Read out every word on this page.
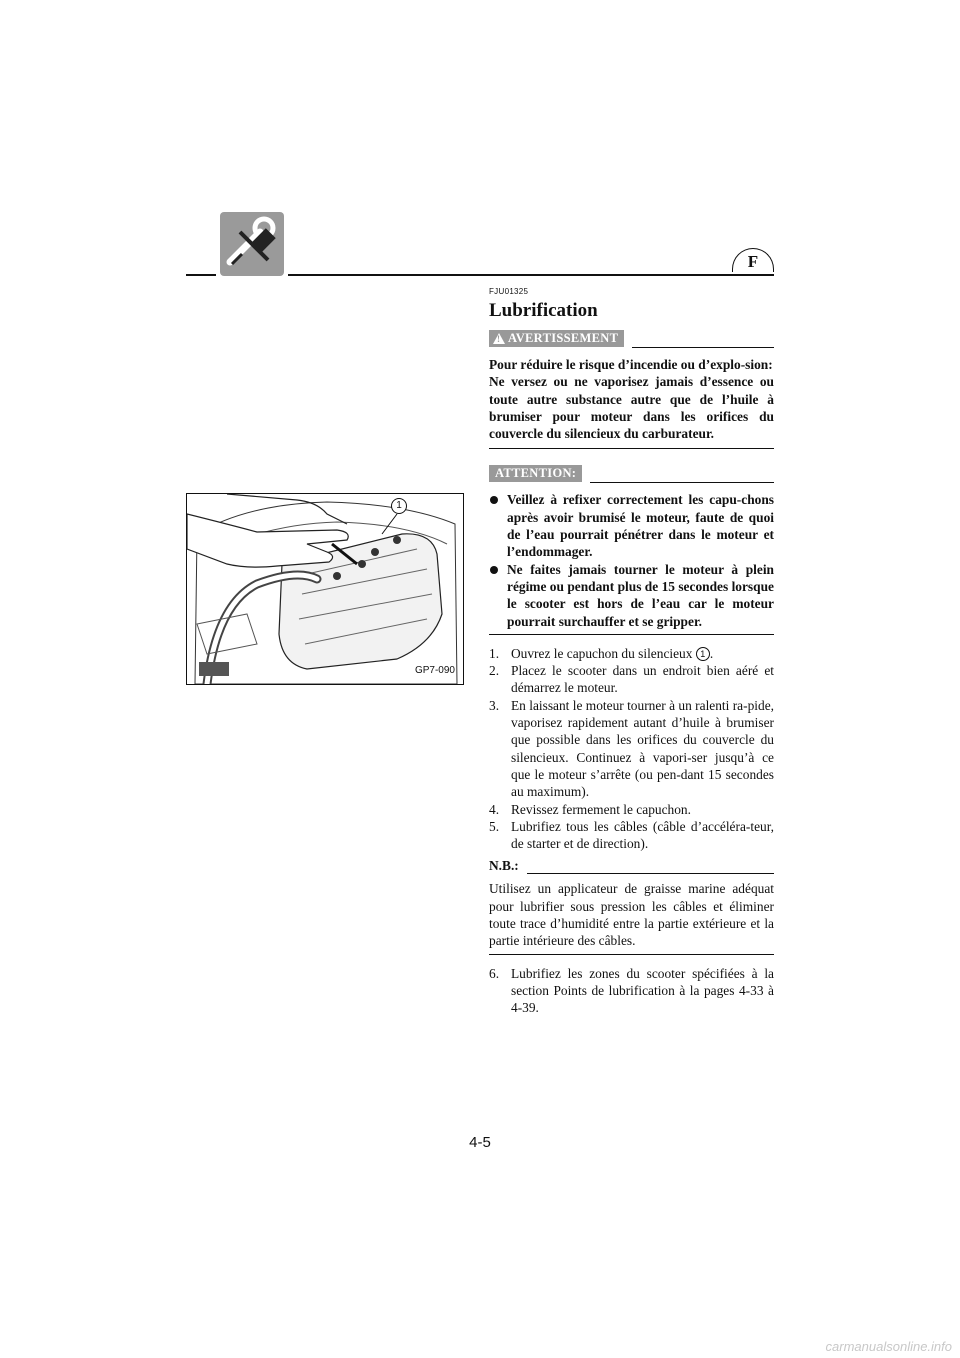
F
1
GP7-090
FJU01325
Lubrification
! AVERTISSEMENT

Pour réduire le risque d’incendie ou d’explo-sion:

Ne versez ou ne vaporisez jamais d’essence ou toute autre substance autre que de l’huile à brumiser pour moteur dans les orifices du couvercle du silencieux du carburateur.

ATTENTION:
Veillez à refixer correctement les capu-chons après avoir brumisé le moteur, faute de quoi de l’eau pourrait pénétrer dans le moteur et l’endommager.
Ne faites jamais tourner le moteur à plein régime ou pendant plus de 15 secondes lorsque le scooter est hors de l’eau car le moteur pourrait surchauffer et se gripper.
1. Ouvrez le capuchon du silencieux 1 .
2. Placez le scooter dans un endroit bien aéré et démarrez le moteur.
3. En laissant le moteur tourner à un ralenti ra-pide, vaporisez rapidement autant d’huile à brumiser que possible dans les orifices du couvercle du silencieux. Continuez à vapori-ser jusqu’à ce que le moteur s’arrête (ou pen-dant 15 secondes au maximum).
4. Revissez fermement le capuchon.
5. Lubrifiez tous les câbles (câble d’accéléra-teur, de starter et de direction).
N.B.:
Utilisez un applicateur de graisse marine adéquat pour lubrifier sous pression les câbles et éliminer toute trace d’humidité entre la partie extérieure et la partie intérieure des câbles.
6. Lubrifiez les zones du scooter spécifiées à la section Points de lubrification à la pages 4-33 à 4-39.
4-5
carmanualsonline.info
